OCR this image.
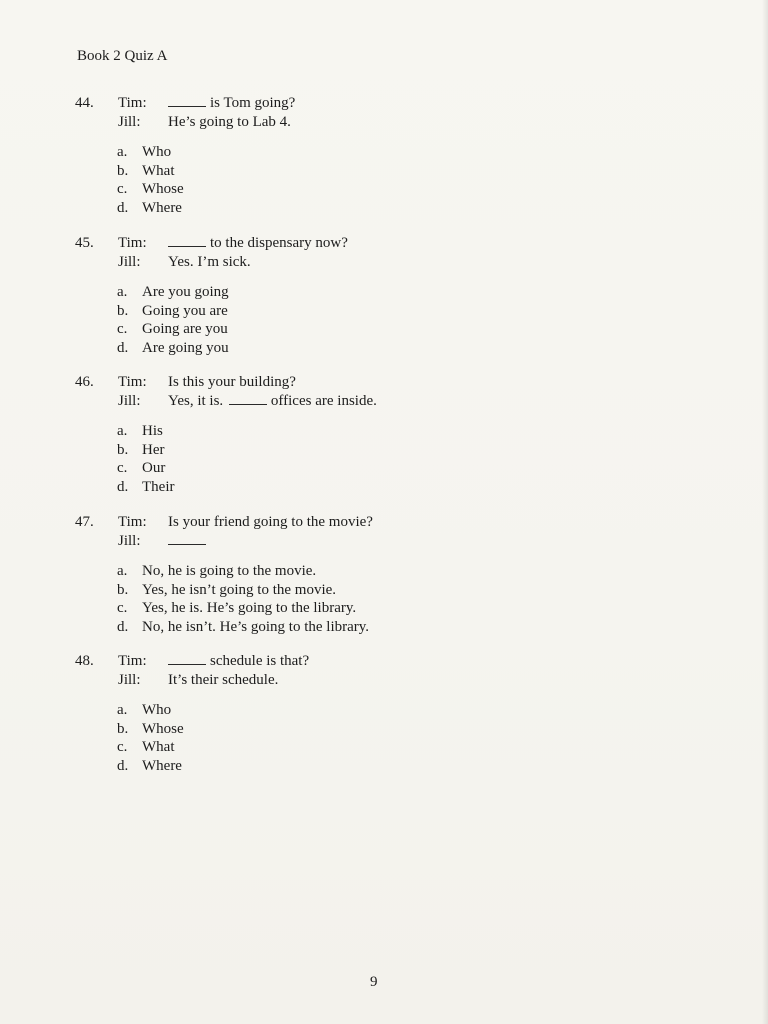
Book 2 Quiz A
44. Tim:	is Tom going?
Jill: He’s going to Lab 4.
a. Who
b. What
c. Whose
d. Where
45. Tim:	to the dispensary now?
Jill: Yes. I’m sick.
a. Are you going
b. Going you are
c. Going are you
d. Are going you
46. Tim: Is this your building?
Jill: Yes, it is.	offices are inside.
a. His
b. Her
c. Our
d. Their
47. Tim: Is your friend going to the movie?
Jill:
a. No, he is going to the movie.
b. Yes, he isn’t going to the movie.
c. Yes, he is. He’s going to the library.
d. No, he isn’t. He’s going to the library.
48. Tim:	schedule is that?
Jill: It’s their schedule.
a. Who
b. Whose
c. What
d. Where
9
